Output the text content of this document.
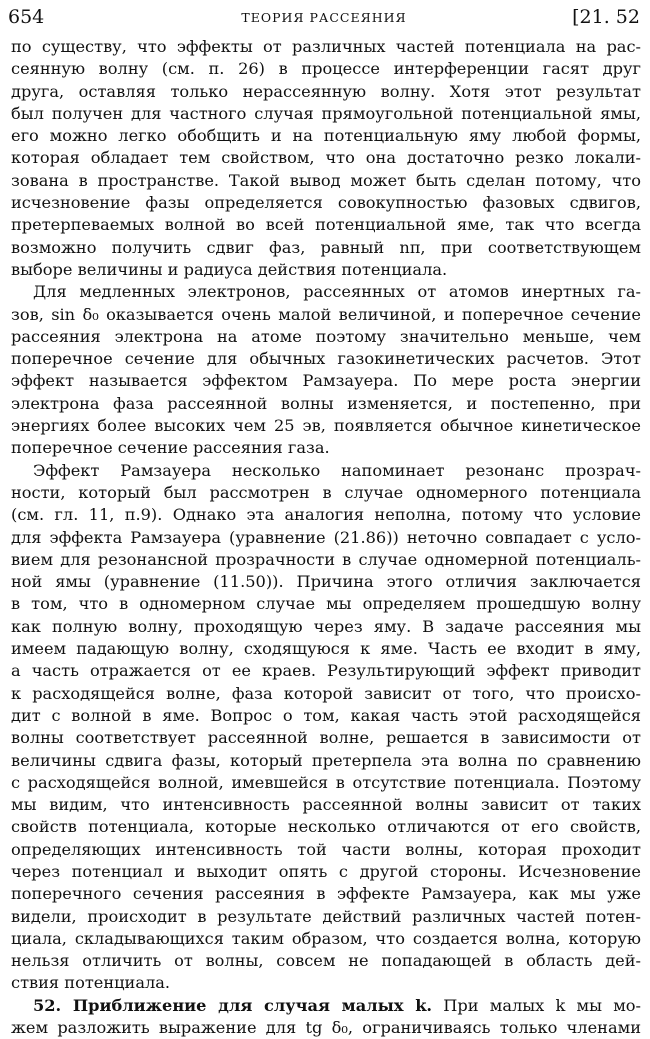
654	ТЕОРИЯ РАССЕЯНИЯ	[21. 52
по существу, что эффекты от различных частей потенциала на рас-
сеянную волну (см. п. 26) в процессе интерференции гасят друг
друга, оставляя только нерассеянную волну. Хотя этот результат
был получен для частного случая прямоугольной потенциальной ямы,
его можно легко обобщить и на потенциальную яму любой формы,
которая обладает тем свойством, что она достаточно резко локали-
зована в пространстве. Такой вывод может быть сделан потому, что
исчезновение фазы определяется совокупностью фазовых сдвигов,
претерпеваемых волной во всей потенциальной яме, так что всегда
возможно получить сдвиг фаз, равный nπ, при соответствующем
выборе величины и радиуса действия потенциала.
Для медленных электронов, рассеянных от атомов инертных га-
зов, sin δ₀ оказывается очень малой величиной, и поперечное сечение
рассеяния электрона на атоме поэтому значительно меньше, чем
поперечное сечение для обычных газокинетических расчетов. Этот
эффект называется эффектом Рамзауера. По мере роста энергии
электрона фаза рассеянной волны изменяется, и постепенно, при
энергиях более высоких чем 25 эв, появляется обычное кинетическое
поперечное сечение рассеяния газа.
Эффект Рамзауера несколько напоминает резонанс прозрач-
ности, который был рассмотрен в случае одномерного потенциала
(см. гл. 11, п.9). Однако эта аналогия неполна, потому что условие
для эффекта Рамзауера (уравнение (21.86)) неточно совпадает с усло-
вием для резонансной прозрачности в случае одномерной потенциаль-
ной ямы (уравнение (11.50)). Причина этого отличия заключается
в том, что в одномерном случае мы определяем прошедшую волну
как полную волну, проходящую через яму. В задаче рассеяния мы
имеем падающую волну, сходящуюся к яме. Часть ее входит в яму,
а часть отражается от ее краев. Результирующий эффект приводит
к расходящейся волне, фаза которой зависит от того, что происхо-
дит с волной в яме. Вопрос о том, какая часть этой расходящейся
волны соответствует рассеянной волне, решается в зависимости от
величины сдвига фазы, который претерпела эта волна по сравнению
с расходящейся волной, имевшейся в отсутствие потенциала. Поэтому
мы видим, что интенсивность рассеянной волны зависит от таких
свойств потенциала, которые несколько отличаются от его свойств,
определяющих интенсивность той части волны, которая проходит
через потенциал и выходит опять с другой стороны. Исчезновение
поперечного сечения рассеяния в эффекте Рамзауера, как мы уже
видели, происходит в результате действий различных частей потен-
циала, складывающихся таким образом, что создается волна, которую
нельзя отличить от волны, совсем не попадающей в область дей-
ствия потенциала.
52. Приближение для случая малых k. При малых k мы мо-
жем разложить выражение для tg δ₀, ограничиваясь только членами
